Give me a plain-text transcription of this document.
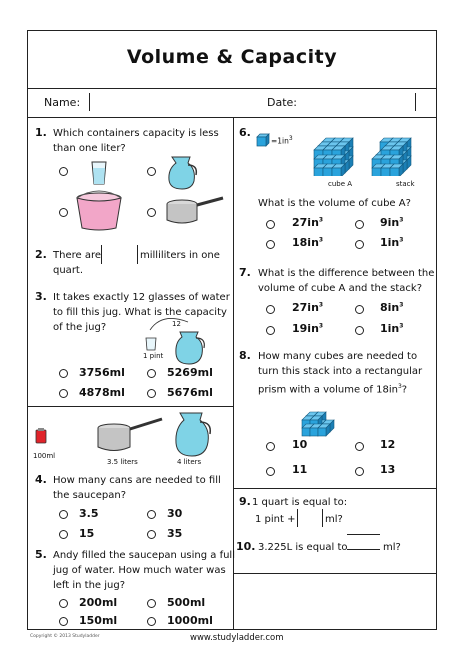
Volume & Capacity
Name:	Date:
1. Which containers capacity is less
than one liter?
2. There are	milliliters in one
quart.
3. It takes exactly 12 glasses of water
to fill this jug. What is the capacity
of the jug?	12
1 pint
3756ml	5269ml
4878ml	5676ml
100ml
3.5 liters	4 liters
4. How many cans are needed to fill
the saucepan?
3.5	30
15	35
5. Andy filled the saucepan using a full
jug of water. How much water was
left in the jug?
200ml	500ml
150ml	1000ml
6.
$=1in^3$
cube A	stack
What is the volume of cube A?
$27in^3$	$9in^3$
$18in^3$	$1in^3$
7. What is the difference between the
volume of cube A and the stack?
$27in^3$	$8in^3$
$19in^3$	$1in^3$
8. How many cubes are needed to
turn this stack into a rectangular
prism with a volume of $18in^3$?
10	12
11	13
9. 1 quart is equal to:
1 pint +	ml?
10. 3.225L is equal to	ml?
Copyright © 2013 Studyladder	www.studyladder.com
